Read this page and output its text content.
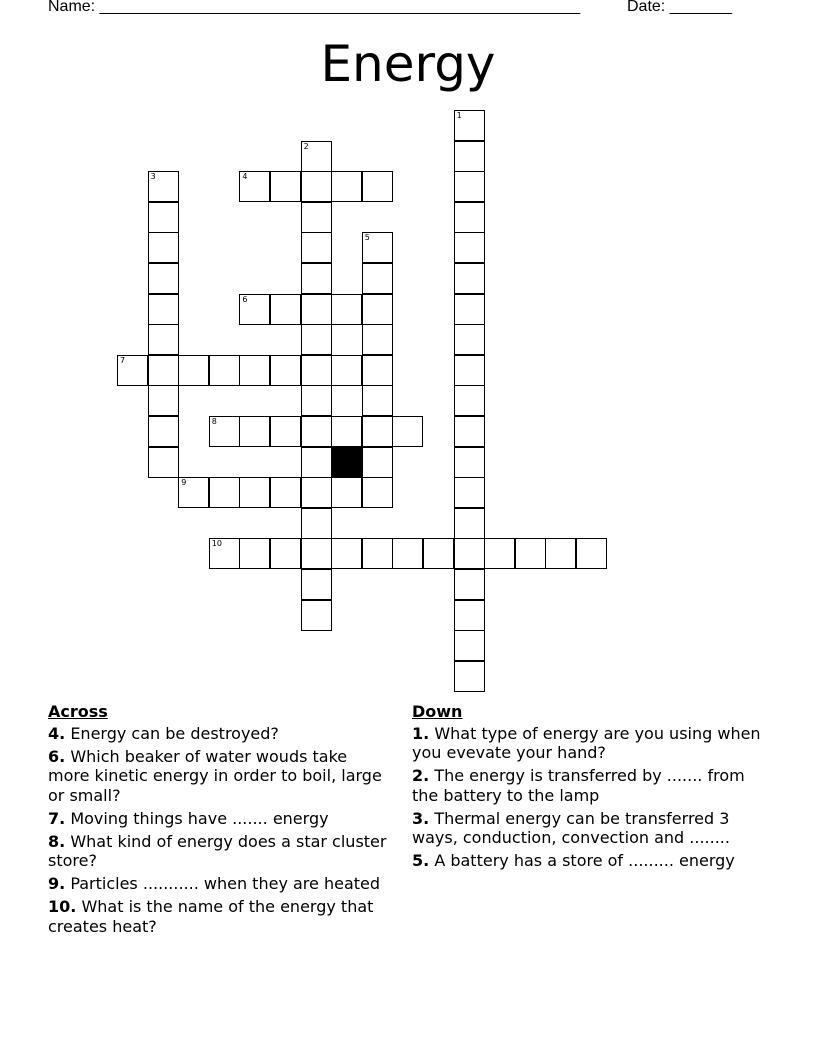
Name: ______________________________________________________	Date: _______
Energy
1
2
3	4
5
6
7
8
9
10
Across
4. Energy can be destroyed?
6. Which beaker of water wouds take more kinetic energy in order to boil, large or small?
7. Moving things have ....... energy
8. What kind of energy does a star cluster store?
9. Particles ........... when they are heated
10. What is the name of the energy that creates heat?
Down
1. What type of energy are you using when you evevate your hand?
2. The energy is transferred by ....... from the battery to the lamp
3. Thermal energy can be transferred 3 ways, conduction, convection and ........
5. A battery has a store of ......... energy
